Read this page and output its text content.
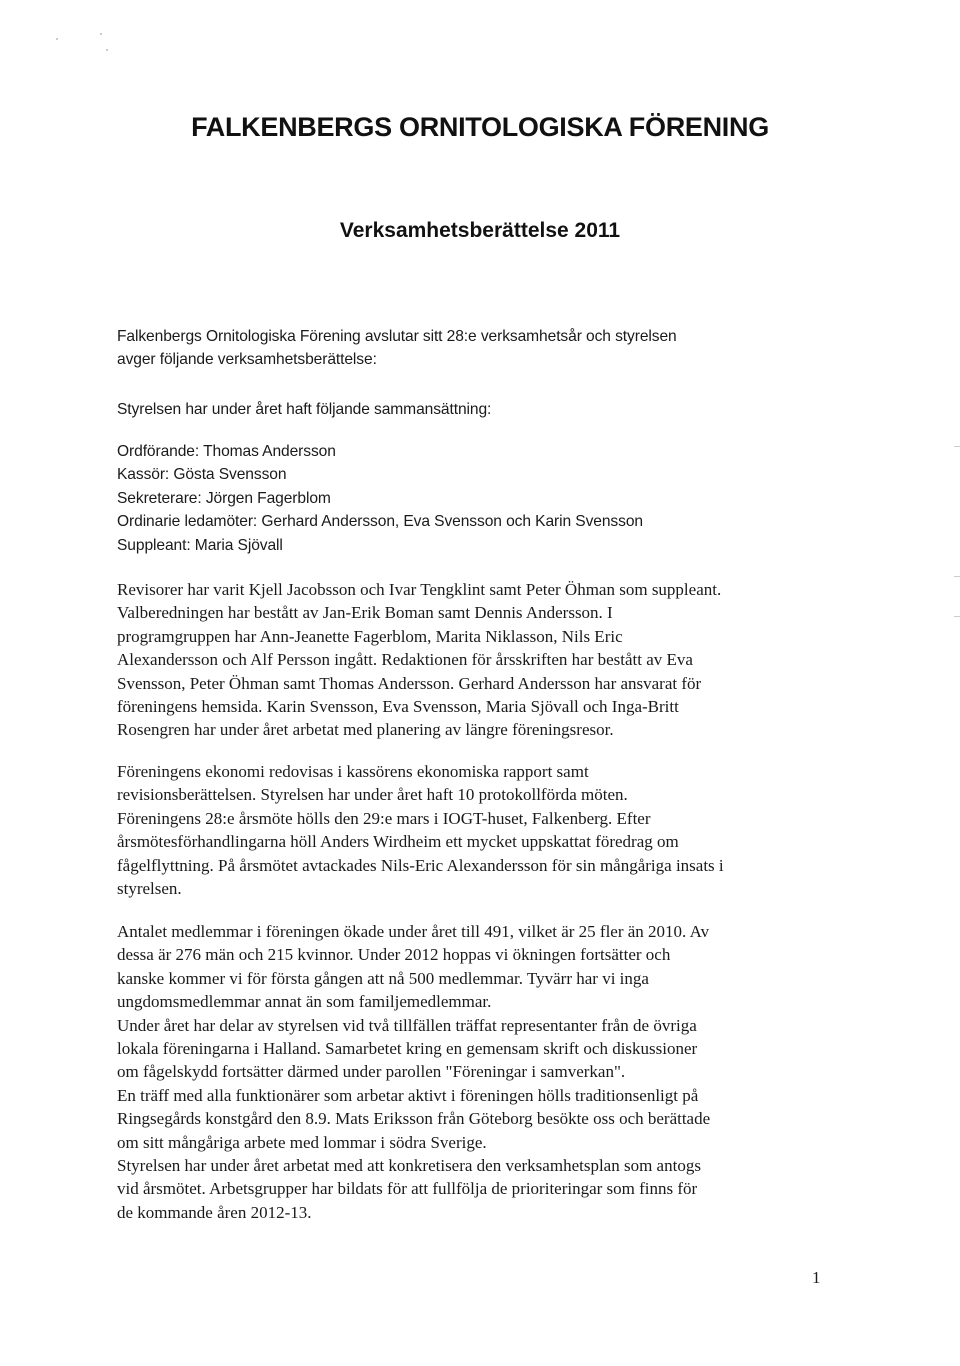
FALKENBERGS ORNITOLOGISKA FÖRENING
Verksamhetsberättelse 2011
Falkenbergs Ornitologiska Förening avslutar sitt 28:e verksamhetsår och styrelsen
avger följande verksamhetsberättelse:
Styrelsen har under året haft följande sammansättning:
Ordförande: Thomas Andersson
Kassör: Gösta Svensson
Sekreterare: Jörgen Fagerblom
Ordinarie ledamöter: Gerhard Andersson, Eva Svensson och Karin Svensson
Suppleant: Maria Sjövall
Revisorer har varit Kjell Jacobsson och Ivar Tengklint samt Peter Öhman som suppleant.
Valberedningen har bestått av Jan-Erik Boman samt Dennis Andersson. I
programgruppen har Ann-Jeanette Fagerblom, Marita Niklasson, Nils Eric
Alexandersson och Alf Persson ingått. Redaktionen för årsskriften har bestått av Eva
Svensson, Peter Öhman samt Thomas Andersson. Gerhard Andersson har ansvarat för
föreningens hemsida. Karin Svensson, Eva Svensson, Maria Sjövall och Inga-Britt
Rosengren har under året arbetat med planering av längre föreningsresor.
Föreningens ekonomi redovisas i kassörens ekonomiska rapport samt
revisionsberättelsen. Styrelsen har under året haft 10 protokollförda möten.
Föreningens 28:e årsmöte hölls den 29:e mars i IOGT-huset, Falkenberg. Efter
årsmötesförhandlingarna höll Anders Wirdheim ett mycket uppskattat föredrag om
fågelflyttning. På årsmötet avtackades Nils-Eric Alexandersson för sin mångåriga insats i
styrelsen.
Antalet medlemmar i föreningen ökade under året till 491, vilket är 25 fler än 2010. Av
dessa är 276 män och 215 kvinnor. Under 2012 hoppas vi ökningen fortsätter och
kanske kommer vi för första gången att nå 500 medlemmar. Tyvärr har vi inga
ungdomsmedlemmar annat än som familjemedlemmar.
Under året har delar av styrelsen vid två tillfällen träffat representanter från de övriga
lokala föreningarna i Halland. Samarbetet kring en gemensam skrift och diskussioner
om fågelskydd fortsätter därmed under parollen "Föreningar i samverkan".
En träff med alla funktionärer som arbetar aktivt i föreningen hölls traditionsenligt på
Ringsegårds konstgård den 8.9. Mats Eriksson från Göteborg besökte oss och berättade
om sitt mångåriga arbete med lommar i södra Sverige.
Styrelsen har under året arbetat med att konkretisera den verksamhetsplan som antogs
vid årsmötet. Arbetsgrupper har bildats för att fullfölja de prioriteringar som finns för
de kommande åren 2012-13.
1
